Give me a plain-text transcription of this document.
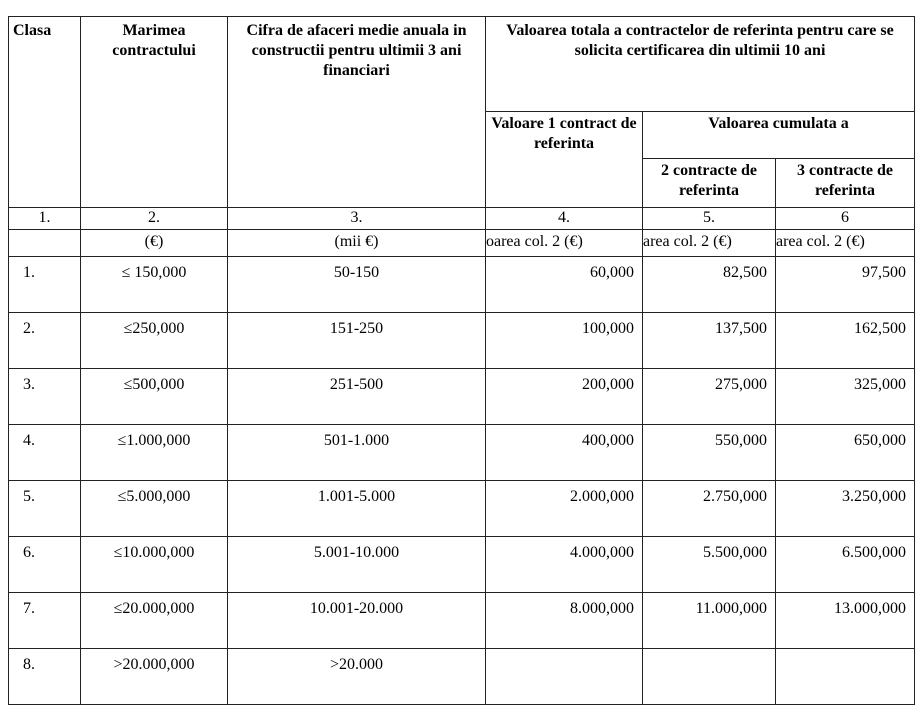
Clasa	Marimea contractului	Cifra de afaceri medie anuala in constructii pentru ultimii 3 ani financiari	Valoarea totala a contractelor de referinta pentru care se solicita certificarea din ultimii 10 ani		
			Valoare 1 contract de referinta	Valoarea cumulata a	
				2 contracte de referinta	3 contracte de referinta
1.	2.	3.	4.	5.	6
	(€)	(mii €)	oarea col. 2 (€)	area col. 2 (€)	area col. 2 (€)
1.	≤ 150,000	50-150	60,000	82,500	97,500
2.	≤250,000	151-250	100,000	137,500	162,500
3.	≤500,000	251-500	200,000	275,000	325,000
4.	≤1.000,000	501-1.000	400,000	550,000	650,000
5.	≤5.000,000	1.001-5.000	2.000,000	2.750,000	3.250,000
6.	≤10.000,000	5.001-10.000	4.000,000	5.500,000	6.500,000
7.	≤20.000,000	10.001-20.000	8.000,000	11.000,000	13.000,000
8.	>20.000,000	>20.000			
